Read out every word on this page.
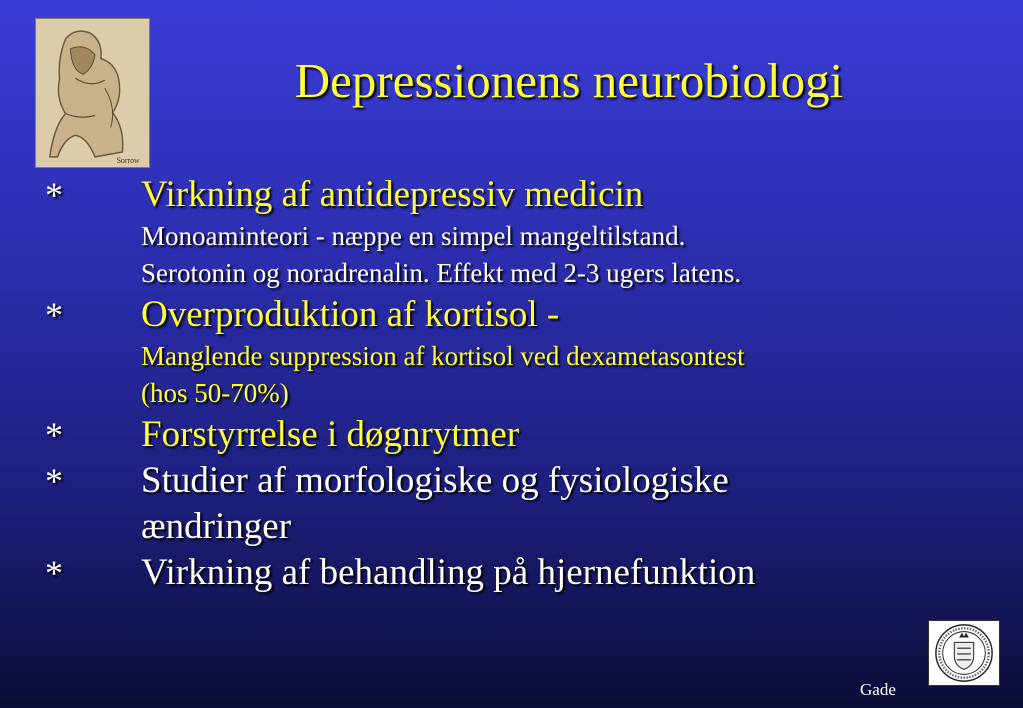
Sorrow
Depressionens neurobiologi
*	Virkning af antidepressiv medicin
Monoaminteori - næppe en simpel mangeltilstand.
Serotonin og noradrenalin. Effekt med 2-3 ugers latens.
*	Overproduktion af kortisol -
Manglende suppression af kortisol ved dexametasontest
(hos 50-70%)
*	Forstyrrelse i døgnrytmer
*	Studier af morfologiske og fysiologiske
ændringer
*	Virkning af behandling på hjernefunktion
Gade
